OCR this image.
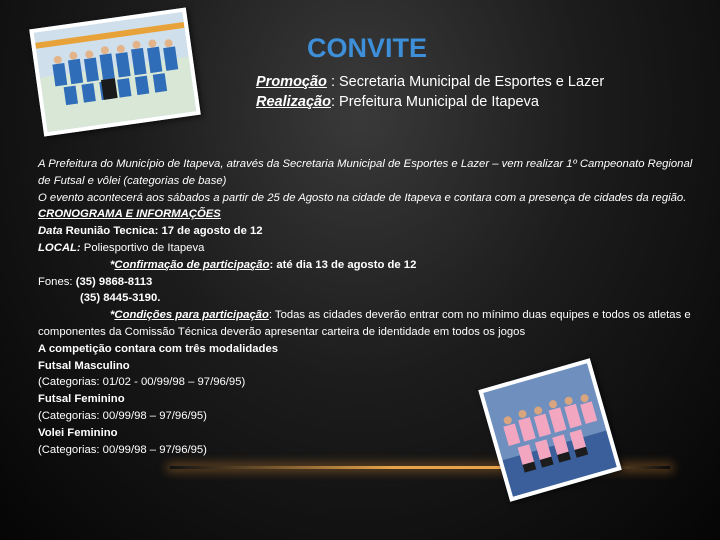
CONVITE
Promoção : Secretaria Municipal de Esportes e Lazer
Realização: Prefeitura Municipal de Itapeva

A Prefeitura do Município de Itapeva, através da Secretaria Municipal de Esportes e Lazer – vem realizar 1º Campeonato Regional de Futsal e vôlei (categorias de base)

O evento acontecerá aos sábados a partir de 25 de Agosto na cidade de Itapeva e contara com a presença de cidades da região.

CRONOGRAMA E INFORMAÇÕES

Data Reunião Tecnica: 17 de agosto de 12

LOCAL: Poliesportivo de Itapeva

*Confirmação de participação: até dia 13 de agosto de 12

Fones: (35) 9868-8113

(35) 8445-3190.

*Condições para participação: Todas as cidades deverão entrar com no mínimo duas equipes e todos os atletas e componentes da Comissão Técnica deverão apresentar carteira de identidade em todos os jogos

A competição contara com três modalidades

Futsal Masculino

(Categorias: 01/02 - 00/99/98 – 97/96/95)

Futsal Feminino

(Categorias: 00/99/98 – 97/96/95)

Volei Feminino

(Categorias: 00/99/98 – 97/96/95)
